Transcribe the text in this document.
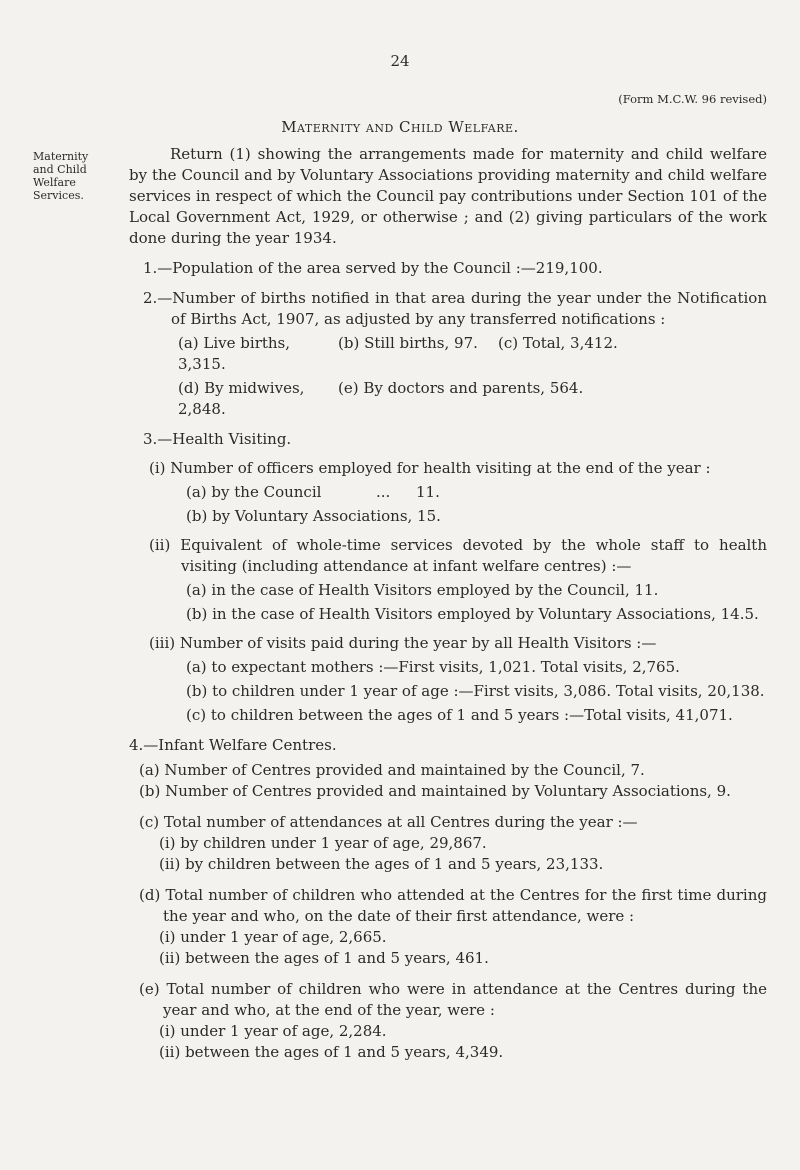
24
(Form M.C.W. 96 revised)
Maternity and Child Welfare.
Maternity
and Child
Welfare
Services.

Return (1) showing the arrangements made for maternity and child welfare by the Council and by Voluntary Associations providing maternity and child welfare services in respect of which the Council pay contributions under Section 101 of the Local Government Act, 1929, or otherwise ; and (2) giving particulars of the work done during the year 1934.

1.—Population of the area served by the Council :—219,100.

2.—Number of births notified in that area during the year under the Notification of Births Act, 1907, as adjusted by any transferred notifications :

(a) Live births, 3,315.
(b) Still births, 97.	(c) Total, 3,412.
(d) By midwives, 2,848.
(e) By doctors and parents, 564.

3.—Health Visiting.

(i) Number of officers employed for health visiting at the end of the year :

(a) by the Council	...	11.

(b) by Voluntary Associations, 15.

(ii) Equivalent of whole-time services devoted by the whole staff to health visiting (including attendance at infant welfare centres) :—

(a) in the case of Health Visitors employed by the Council, 11.

(b) in the case of Health Visitors employed by Voluntary Associations, 14.5.

(iii) Number of visits paid during the year by all Health Visitors :—

(a) to expectant mothers :—First visits, 1,021. Total visits, 2,765.

(b) to children under 1 year of age :—First visits, 3,086. Total visits, 20,138.

(c) to children between the ages of 1 and 5 years :—Total visits, 41,071.

4.—Infant Welfare Centres.

(a) Number of Centres provided and maintained by the Council, 7.

(b) Number of Centres provided and maintained by Voluntary Associations, 9.

(c) Total number of attendances at all Centres during the year :—

(i) by children under 1 year of age, 29,867.

(ii) by children between the ages of 1 and 5 years, 23,133.

(d) Total number of children who attended at the Centres for the first time during the year and who, on the date of their first attendance, were :

(i) under 1 year of age, 2,665.

(ii) between the ages of 1 and 5 years, 461.

(e) Total number of children who were in attendance at the Centres during the year and who, at the end of the year, were :

(i) under 1 year of age, 2,284.

(ii) between the ages of 1 and 5 years, 4,349.
